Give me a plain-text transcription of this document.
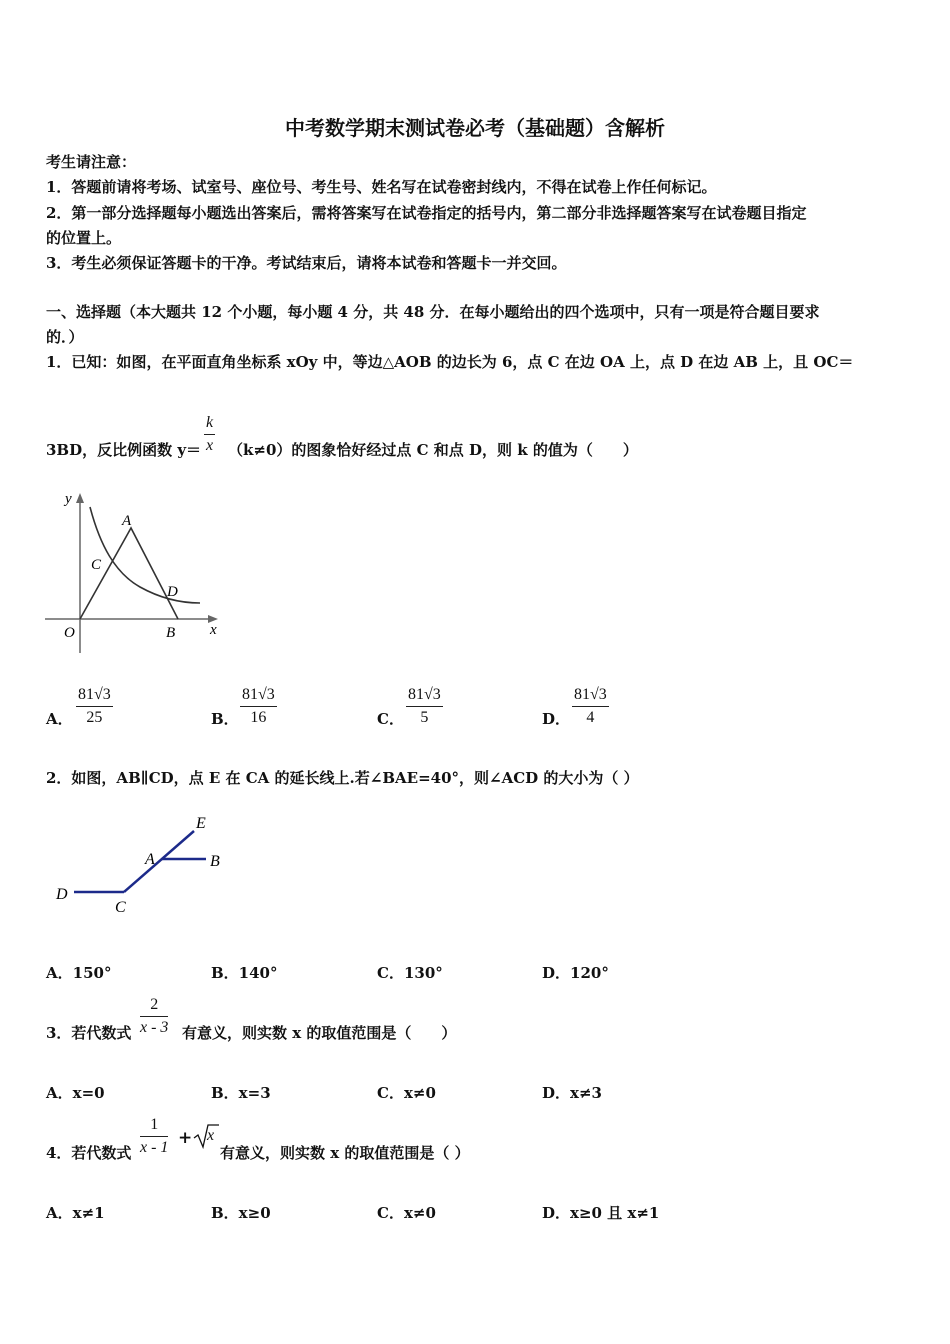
中考数学期末测试卷必考（基础题）含解析
考生请注意：
1．答题前请将考场、试室号、座位号、考生号、姓名写在试卷密封线内，不得在试卷上作任何标记。
2．第一部分选择题每小题选出答案后，需将答案写在试卷指定的括号内，第二部分非选择题答案写在试卷题目指定
的位置上。
3．考生必须保证答题卡的干净。考试结束后，请将本试卷和答题卡一并交回。
一、选择题（本大题共 12 个小题，每小题 4 分，共 48 分．在每小题给出的四个选项中，只有一项是符合题目要求
的．）
1．已知：如图，在平面直角坐标系 xOy 中，等边△AOB 的边长为 6，点 C 在边 OA 上，点 D 在边 AB 上，且 OC＝
3BD，反比例函数 $y= \frac{k}{x} (k\ne 0)$的图象恰好经过点 C 和点 D，则 k 的值为（　　）
y
x
O
A
B
C
D
A． $\frac{81√3}{25}$	B． $\frac{81√3}{16}$	C． $\frac{81√3}{5}$	D． $\frac{81√3}{4}$
2．如图，AB∥CD，点 E 在 CA 的延长线上.若∠BAE=40°，则∠ACD 的大小为（ ）
E
A	B
C
D
A．150°	B．140°	C．130°	D．120°
3．若代数式 $\frac{2}{x - 3}$ 有意义，则实数 x 的取值范围是（　　）
A．x=0	B．x=3	C．x≠0	D．x≠3
4．若代数式 $\frac{1}{x - 1} + x$
有意义，则实数 x 的取值范围是（ ）
A．x≠1	B．x≥0	C．x≠0	D．x≥0 且 x≠1
